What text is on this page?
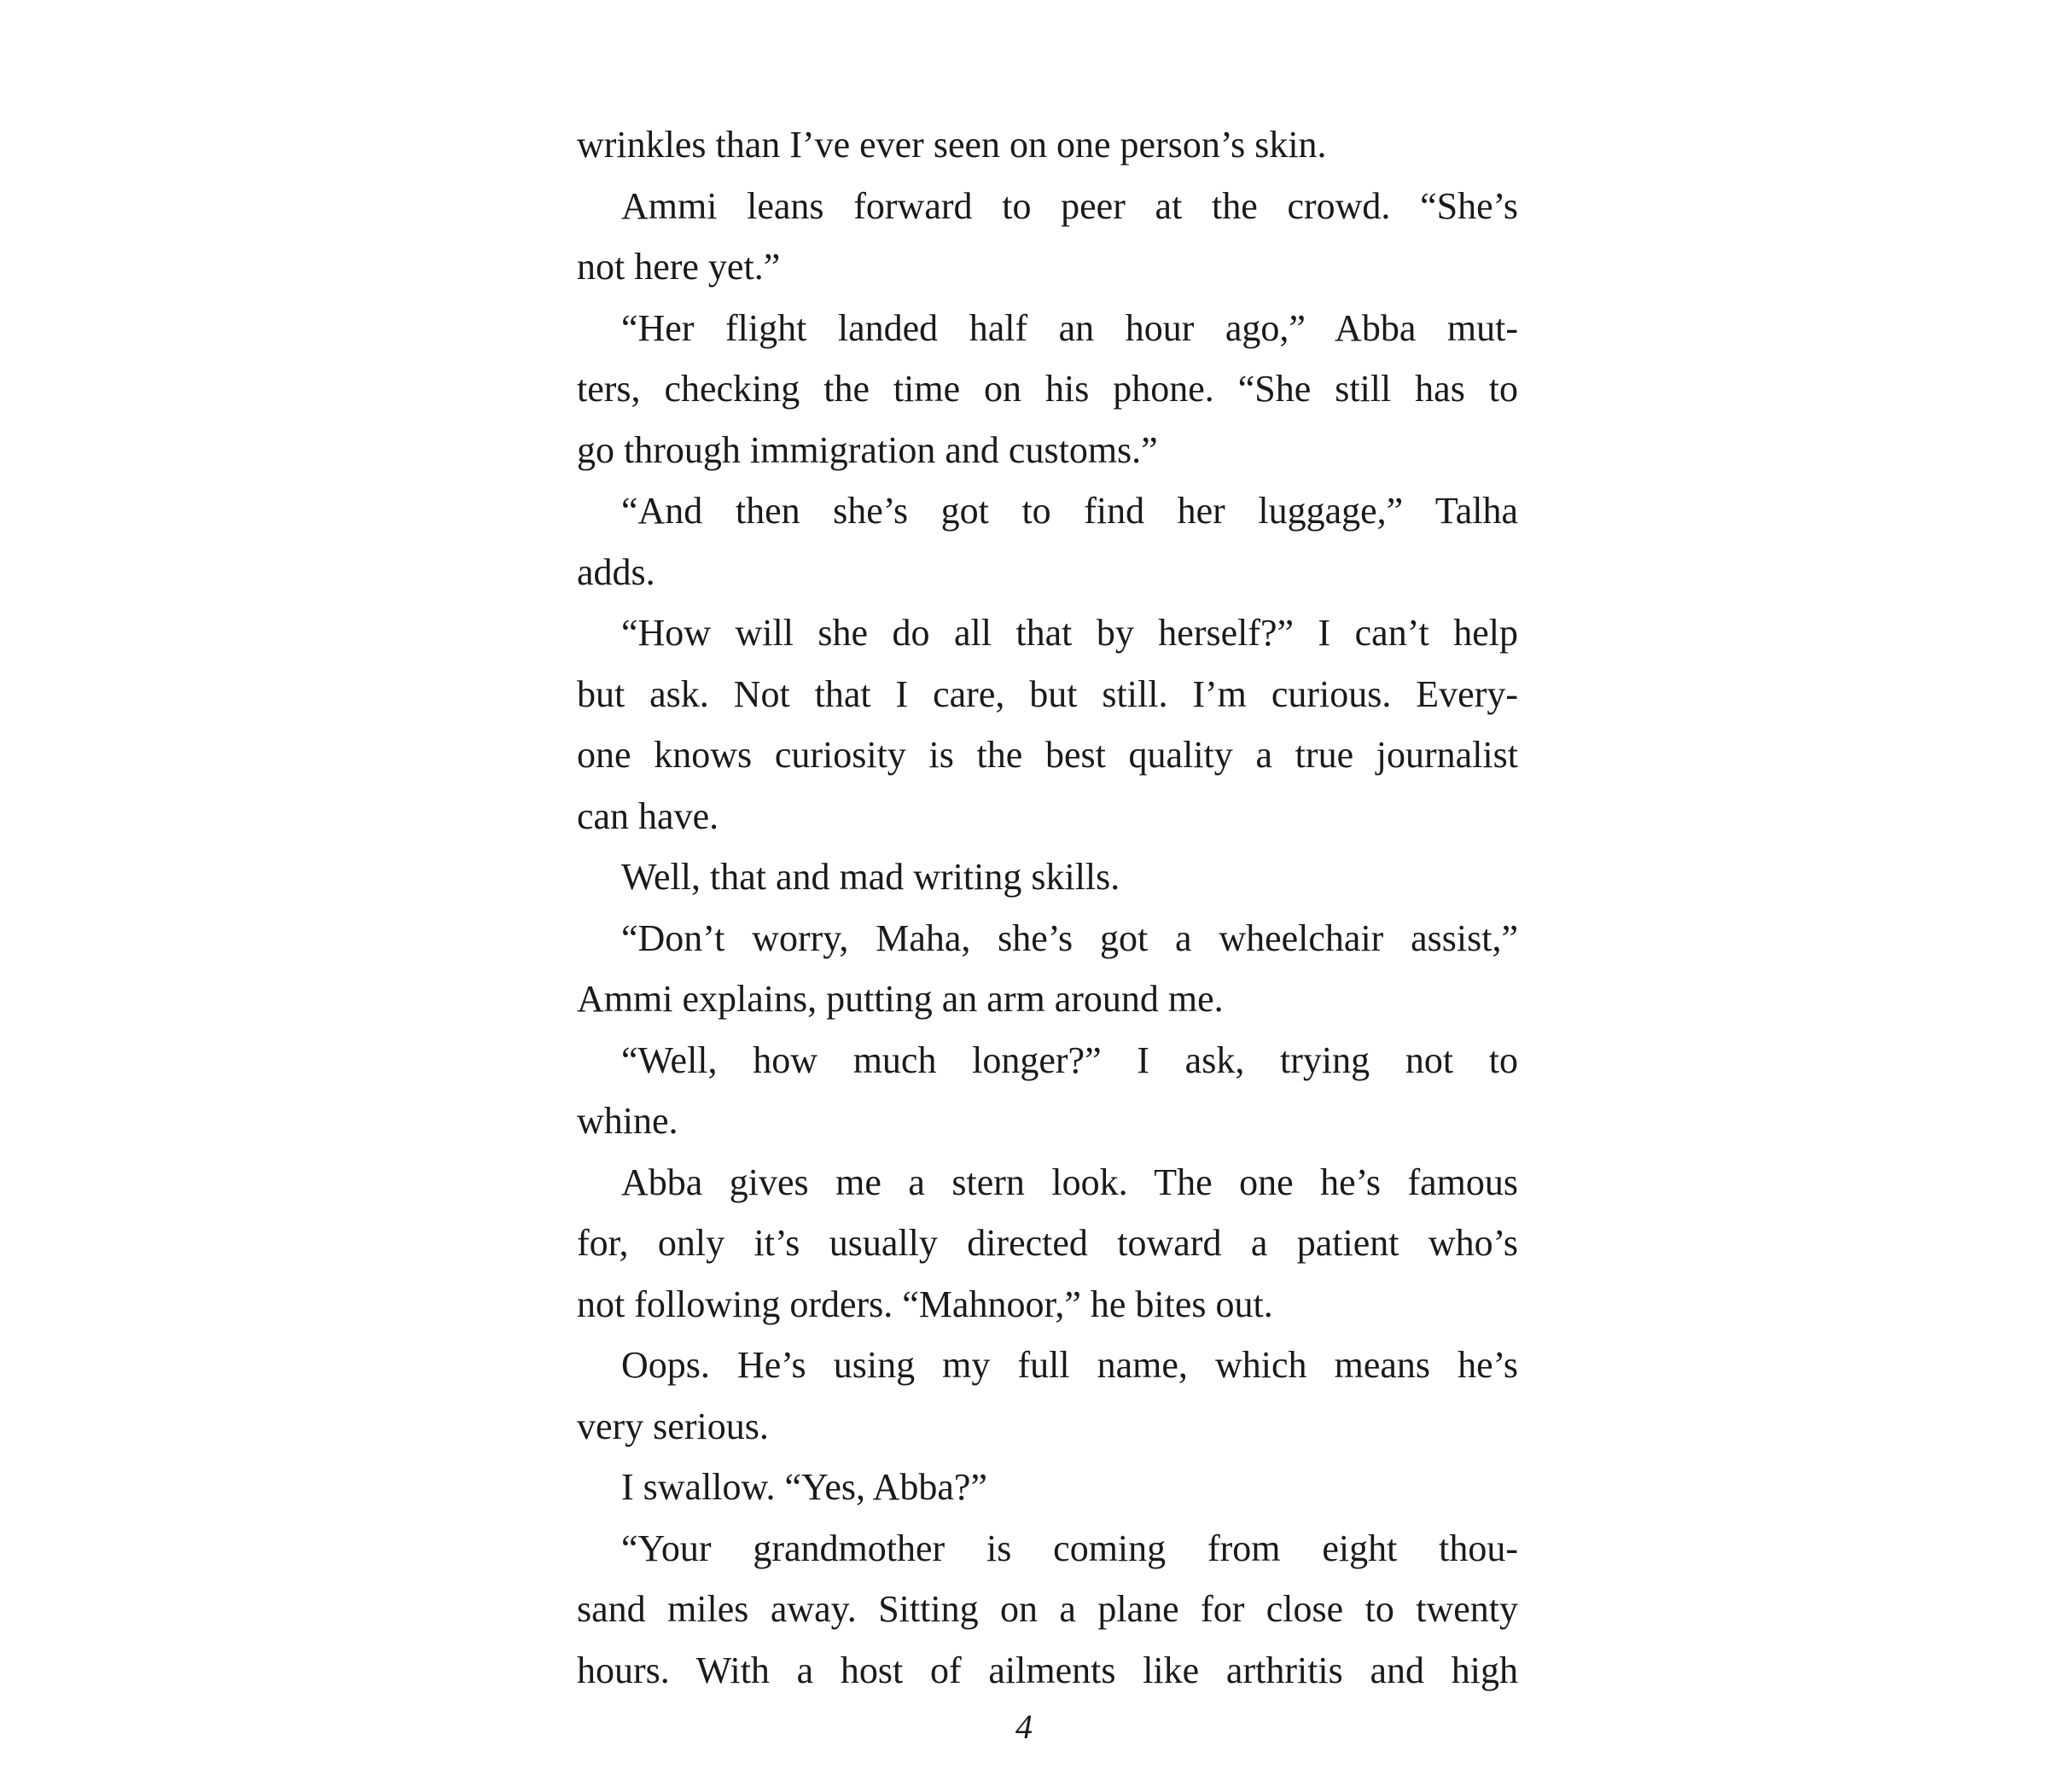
wrinkles than I’ve ever seen on one person’s skin.
Ammi leans forward to peer at the crowd. “She’s
not here yet.”
“Her flight landed half an hour ago,” Abba mut-
ters, checking the time on his phone. “She still has to
go through immigration and customs.”
“And then she’s got to find her luggage,” Talha
adds.
“How will she do all that by herself?” I can’t help
but ask. Not that I care, but still. I’m curious. Every-
one knows curiosity is the best quality a true journalist
can have.
Well, that and mad writing skills.
“Don’t worry, Maha, she’s got a wheelchair assist,”
Ammi explains, putting an arm around me.
“Well, how much longer?” I ask, trying not to
whine.
Abba gives me a stern look. The one he’s famous
for, only it’s usually directed toward a patient who’s
not following orders. “Mahnoor,” he bites out.
Oops. He’s using my full name, which means he’s
very serious.
I swallow. “Yes, Abba?”
“Your grandmother is coming from eight thou-
sand miles away. Sitting on a plane for close to twenty
hours. With a host of ailments like arthritis and high
4
